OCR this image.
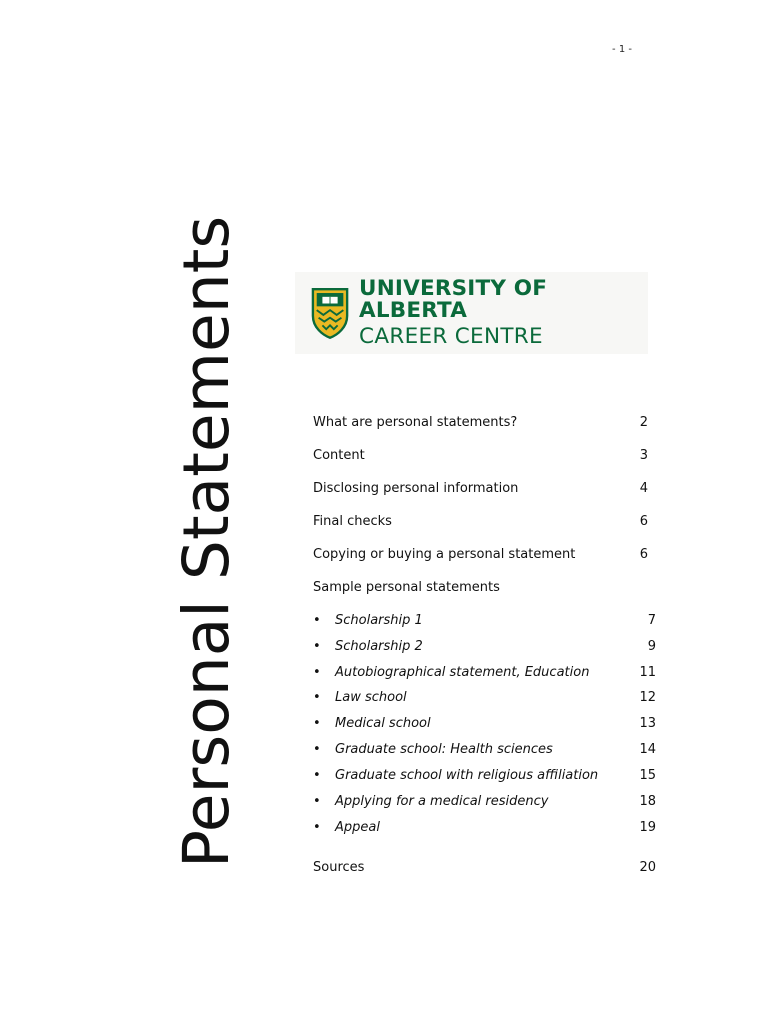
- 1 -
Personal Statements	UNIVERSITY OF ALBERTA
CAREER CENTRE
What are personal statements?	2
Content	3
Disclosing personal information	4
Final checks	6
Copying or buying a personal statement	6
Sample personal statements
• Scholarship 1	7
• Scholarship 2	9
• Autobiographical statement, Education	11
• Law school	12
• Medical school	13
• Graduate school: Health sciences	14
• Graduate school with religious affiliation	15
• Applying for a medical residency	18
• Appeal	19
Sources	20
